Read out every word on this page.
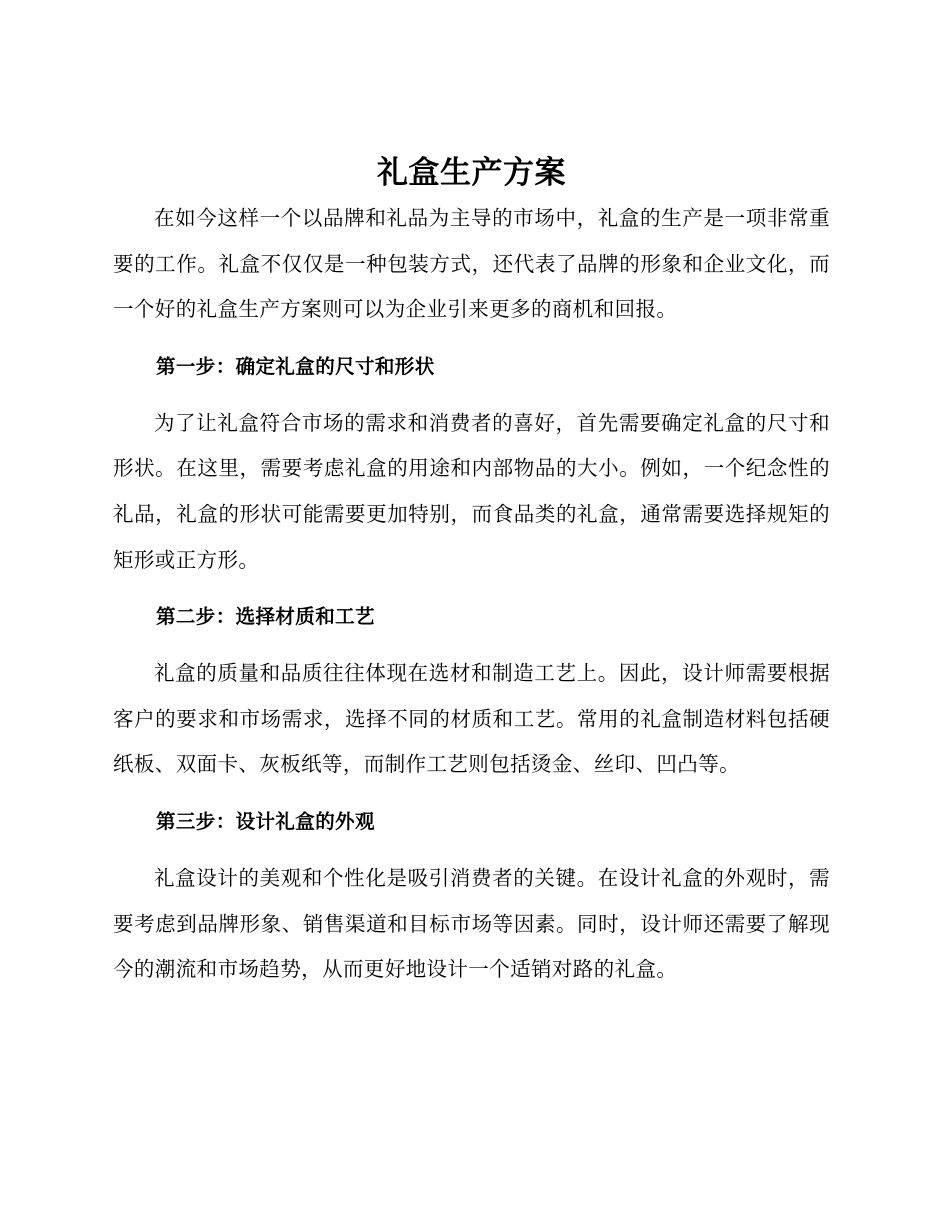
礼盒生产方案

在如今这样一个以品牌和礼品为主导的市场中，礼盒的生产是一项非常重要的工作。礼盒不仅仅是一种包装方式，还代表了品牌的形象和企业文化，而一个好的礼盒生产方案则可以为企业引来更多的商机和回报。

第一步：确定礼盒的尺寸和形状

为了让礼盒符合市场的需求和消费者的喜好，首先需要确定礼盒的尺寸和形状。在这里，需要考虑礼盒的用途和内部物品的大小。例如，一个纪念性的礼品，礼盒的形状可能需要更加特别，而食品类的礼盒，通常需要选择规矩的矩形或正方形。

第二步：选择材质和工艺

礼盒的质量和品质往往体现在选材和制造工艺上。因此，设计师需要根据客户的要求和市场需求，选择不同的材质和工艺。常用的礼盒制造材料包括硬纸板、双面卡、灰板纸等，而制作工艺则包括烫金、丝印、凹凸等。

第三步：设计礼盒的外观

礼盒设计的美观和个性化是吸引消费者的关键。在设计礼盒的外观时，需要考虑到品牌形象、销售渠道和目标市场等因素。同时，设计师还需要了解现今的潮流和市场趋势，从而更好地设计一个适销对路的礼盒。
